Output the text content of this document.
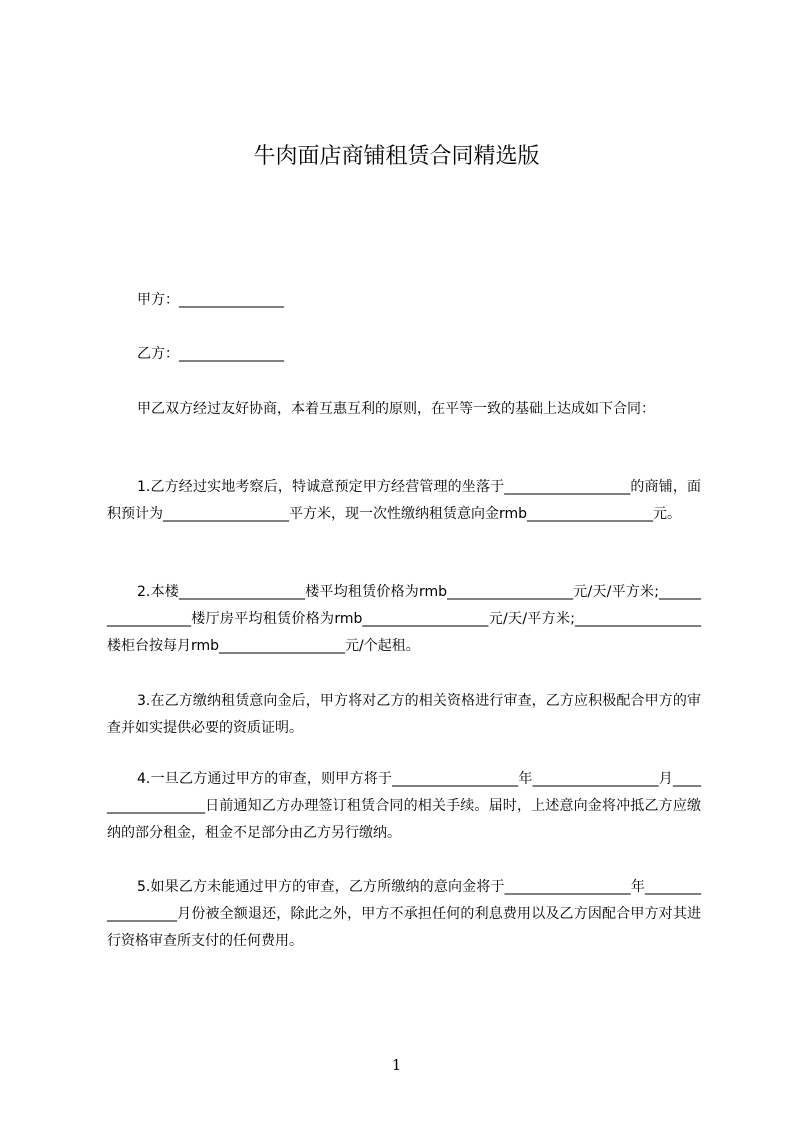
牛肉面店商铺租赁合同精选版

甲方：_______________

乙方：_______________

甲乙双方经过友好协商，本着互惠互利的原则，在平等一致的基础上达成如下合同：

1.乙方经过实地考察后，特诚意预定甲方经营管理的坐落于__________________的商铺，面积预计为__________________平方米，现一次性缴纳租赁意向金rmb__________________元。

2.本楼__________________楼平均租赁价格为rmb__________________元/天/平方米;__________________楼厅房平均租赁价格为rmb__________________元/天/平方米;__________________楼柜台按每月rmb__________________元/个起租。

3.在乙方缴纳租赁意向金后，甲方将对乙方的相关资格进行审查，乙方应积极配合甲方的审查并如实提供必要的资质证明。

4.一旦乙方通过甲方的审查，则甲方将于__________________年__________________月__________________日前通知乙方办理签订租赁合同的相关手续。届时，上述意向金将冲抵乙方应缴纳的部分租金，租金不足部分由乙方另行缴纳。

5.如果乙方未能通过甲方的审查，乙方所缴纳的意向金将于__________________年__________________月份被全额退还，除此之外，甲方不承担任何的利息费用以及乙方因配合甲方对其进行资格审查所支付的任何费用。

1
